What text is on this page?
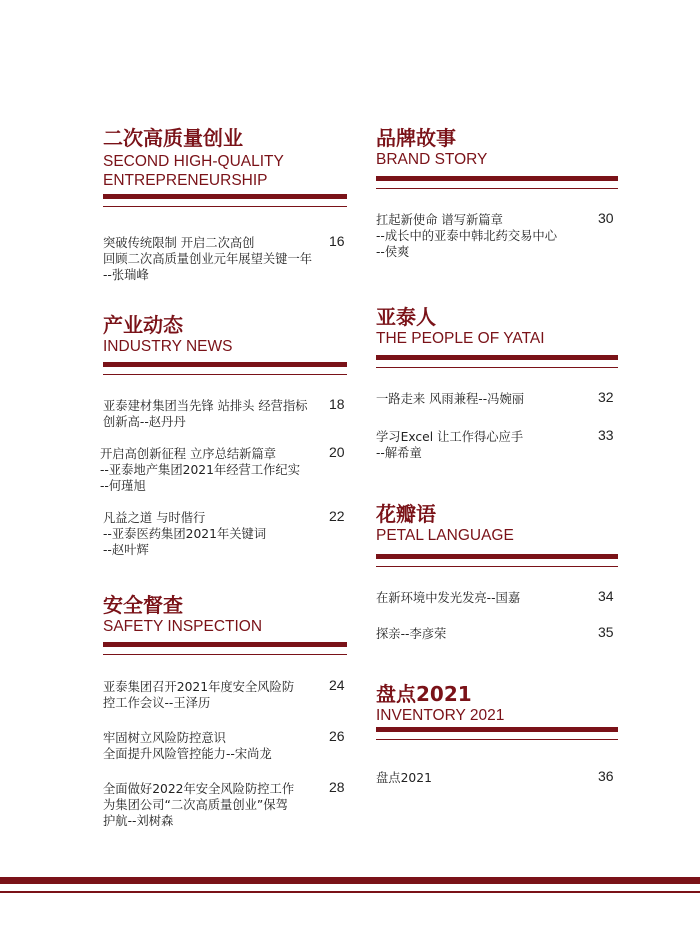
二次高质量创业
SECOND HIGH-QUALITY
ENTREPRENEURSHIP
突破传统限制 开启二次高创
回顾二次高质量创业元年展望关键一年
--张瑞峰
16
产业动态
INDUSTRY NEWS
亚泰建材集团当先锋 站排头 经营指标
创新高--赵丹丹
18
开启高创新征程 立序总结新篇章
--亚泰地产集团2021年经营工作纪实
--何瑾旭
20
凡益之道 与时偕行
--亚泰医药集团2021年关键词
--赵叶辉
22
安全督查
SAFETY INSPECTION
亚泰集团召开2021年度安全风险防
控工作会议--王泽历
24
牢固树立风险防控意识
全面提升风险管控能力--宋尚龙
26
全面做好2022年安全风险防控工作
为集团公司“二次高质量创业”保驾
护航--刘树森
28
品牌故事
BRAND STORY
扛起新使命 谱写新篇章
--成长中的亚泰中韩北药交易中心
--侯爽
30
亚泰人
THE PEOPLE OF YATAI
一路走来 风雨兼程--冯婉丽	32
学习Excel 让工作得心应手
--解希童
33
花瓣语
PETAL LANGUAGE
在新环境中发光发亮--国嘉	34
探亲--李彦荣	35
盘点2021
INVENTORY 2021
盘点2021	36
